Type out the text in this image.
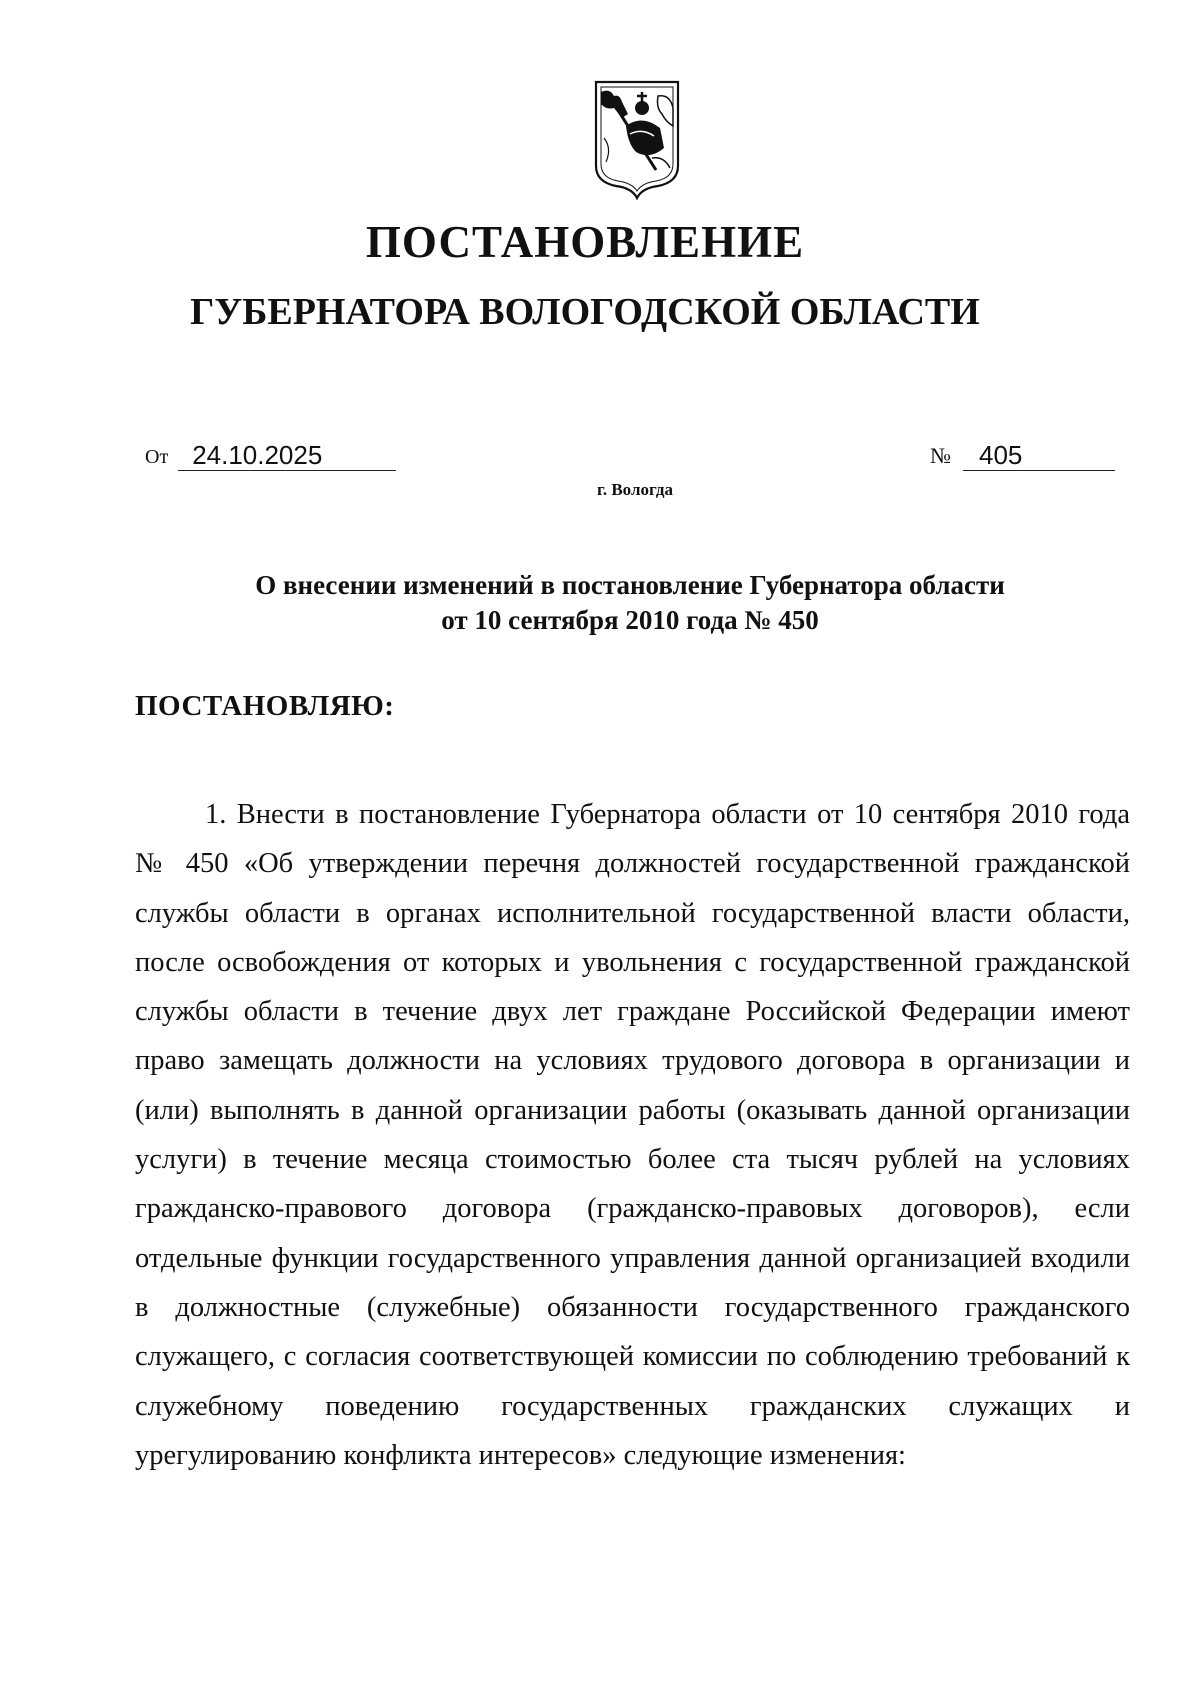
ПОСТАНОВЛЕНИЕ
ГУБЕРНАТОРА ВОЛОГОДСКОЙ ОБЛАСТИ
От 24.10.2025	№	405
г. Вологда
О внесении изменений в постановление Губернатора области
от 10 сентября 2010 года № 450
ПОСТАНОВЛЯЮ:

1. Внести в постановление Губернатора области от 10 сентября 2010 года № 450 «Об утверждении перечня должностей государственной гражданской службы области в органах исполнительной государственной власти области, после освобождения от которых и увольнения с государственной гражданской службы области в течение двух лет граждане Российской Федерации имеют право замещать должности на условиях трудового договора в организации и (или) выполнять в данной организации работы (оказывать данной организации услуги) в течение месяца стоимостью более ста тысяч рублей на условиях гражданско-правового договора (гражданско-правовых договоров), если отдельные функции государственного управления данной организацией входили в должностные (служебные) обязанности государственного гражданского служащего, с согласия соответствующей комиссии по соблюдению требований к служебному поведению государственных гражданских служащих и урегулированию конфликта интересов» следующие изменения:
